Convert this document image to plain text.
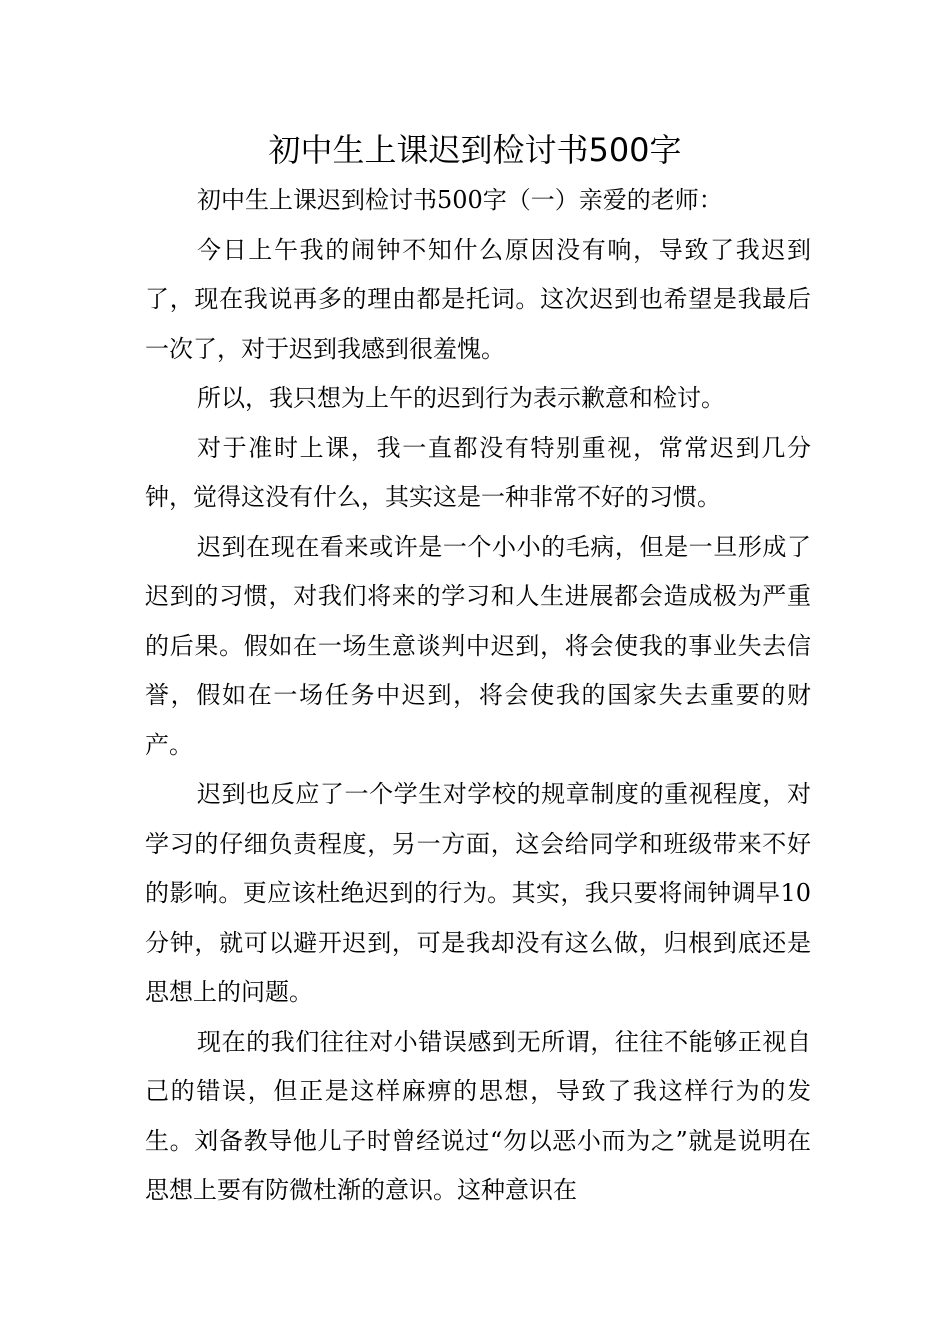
初中生上课迟到检讨书500字

初中生上课迟到检讨书500字（一）亲爱的老师：

今日上午我的闹钟不知什么原因没有响，导致了我迟到了，现在我说再多的理由都是托词。这次迟到也希望是我最后一次了，对于迟到我感到很羞愧。

所以，我只想为上午的迟到行为表示歉意和检讨。

对于准时上课，我一直都没有特别重视，常常迟到几分钟，觉得这没有什么，其实这是一种非常不好的习惯。

迟到在现在看来或许是一个小小的毛病，但是一旦形成了迟到的习惯，对我们将来的学习和人生进展都会造成极为严重的后果。假如在一场生意谈判中迟到，将会使我的事业失去信誉，假如在一场任务中迟到，将会使我的国家失去重要的财产。

迟到也反应了一个学生对学校的规章制度的重视程度，对学习的仔细负责程度，另一方面，这会给同学和班级带来不好的影响。更应该杜绝迟到的行为。其实，我只要将闹钟调早10分钟，就可以避开迟到，可是我却没有这么做，归根到底还是思想上的问题。

现在的我们往往对小错误感到无所谓，往往不能够正视自己的错误，但正是这样麻痹的思想，导致了我这样行为的发生。刘备教导他儿子时曾经说过“勿以恶小而为之”就是说明在思想上要有防微杜渐的意识。这种意识在
